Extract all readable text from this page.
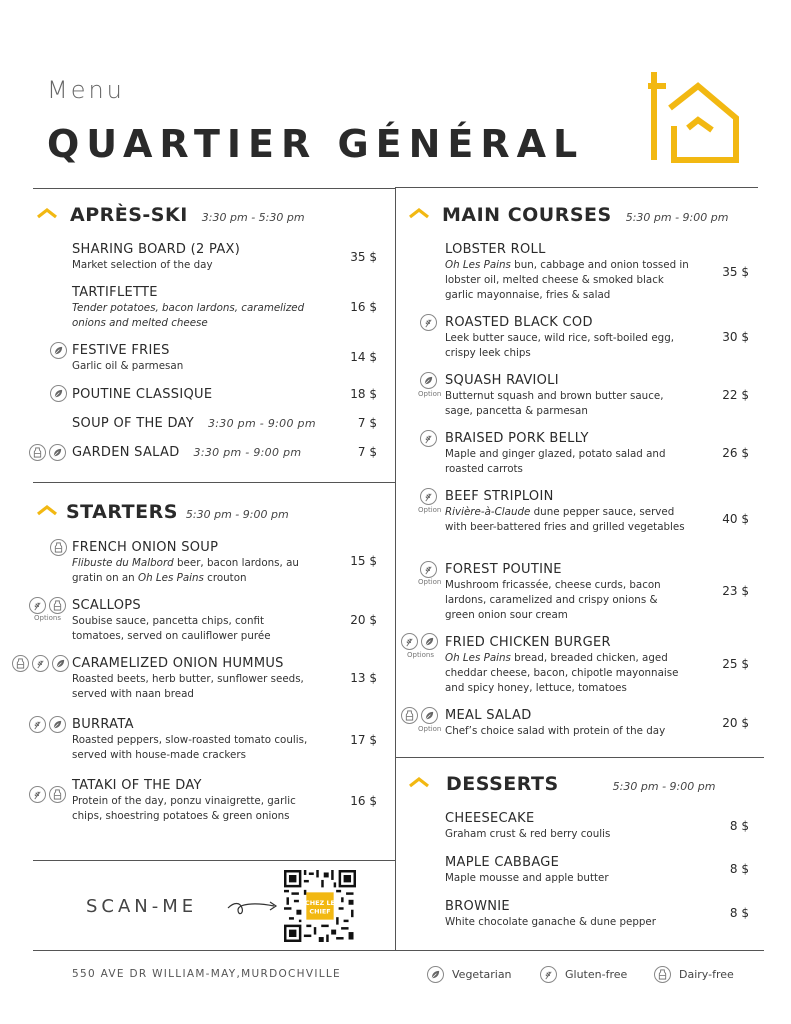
Menu
QUARTIER GÉNÉRAL
APRÈS-SKI 3:30 pm - 5:30 pm
SHARING BOARD (2 PAX)
Market selection of the day
35 $
TARTIFLETTE
Tender potatoes, bacon lardons, caramelized onions and melted cheese
16 $
FESTIVE FRIES
Garlic oil & parmesan
14 $
POUTINE CLASSIQUE	18 $
SOUP OF THE DAY 3:30 pm - 9:00 pm	7 $
GARDEN SALAD 3:30 pm - 9:00 pm	7 $
STARTERS 5:30 pm - 9:00 pm
FRENCH ONION SOUP
Flibuste du Malbord beer, bacon lardons, au gratin on an Oh Les Pains crouton
15 $
Options
SCALLOPS
Soubise sauce, pancetta chips, confit tomatoes, served on cauliflower purée
20 $
CARAMELIZED ONION HUMMUS
Roasted beets, herb butter, sunflower seeds, served with naan bread
13 $
BURRATA
Roasted peppers, slow-roasted tomato coulis, served with house-made crackers
17 $
TATAKI OF THE DAY
Protein of the day, ponzu vinaigrette, garlic chips, shoestring potatoes & green onions
16 $
SCAN-ME	CHEZ LE
CHIEF
MAIN COURSES 5:30 pm - 9:00 pm
LOBSTER ROLL
Oh Les Pains bun, cabbage and onion tossed in lobster oil, melted cheese & smoked black garlic mayonnaise, fries & salad
35 $
ROASTED BLACK COD
Leek butter sauce, wild rice, soft-boiled egg, crispy leek chips
30 $
Option
SQUASH RAVIOLI
Butternut squash and brown butter sauce, sage, pancetta & parmesan
22 $
BRAISED PORK BELLY
Maple and ginger glazed, potato salad and roasted carrots
26 $
Option
BEEF STRIPLOIN
Rivière-à-Claude dune pepper sauce, served with beer-battered fries and grilled vegetables
40 $
Option
FOREST POUTINE
Mushroom fricassée, cheese curds, bacon lardons, caramelized and crispy onions & green onion sour cream
23 $
Options
FRIED CHICKEN BURGER
Oh Les Pains bread, breaded chicken, aged cheddar cheese, bacon, chipotle mayonnaise and spicy honey, lettuce, tomatoes
25 $
Option
MEAL SALAD
Chef’s choice salad with protein of the day
20 $
DESSERTS	5:30 pm - 9:00 pm
CHEESECAKE
Graham crust & red berry coulis
8 $
MAPLE CABBAGE
Maple mousse and apple butter
8 $
BROWNIE
White chocolate ganache & dune pepper
8 $
550 AVE DR WILLIAM-MAY,MURDOCHVILLE	Vegetarian	Gluten-free	Dairy-free
